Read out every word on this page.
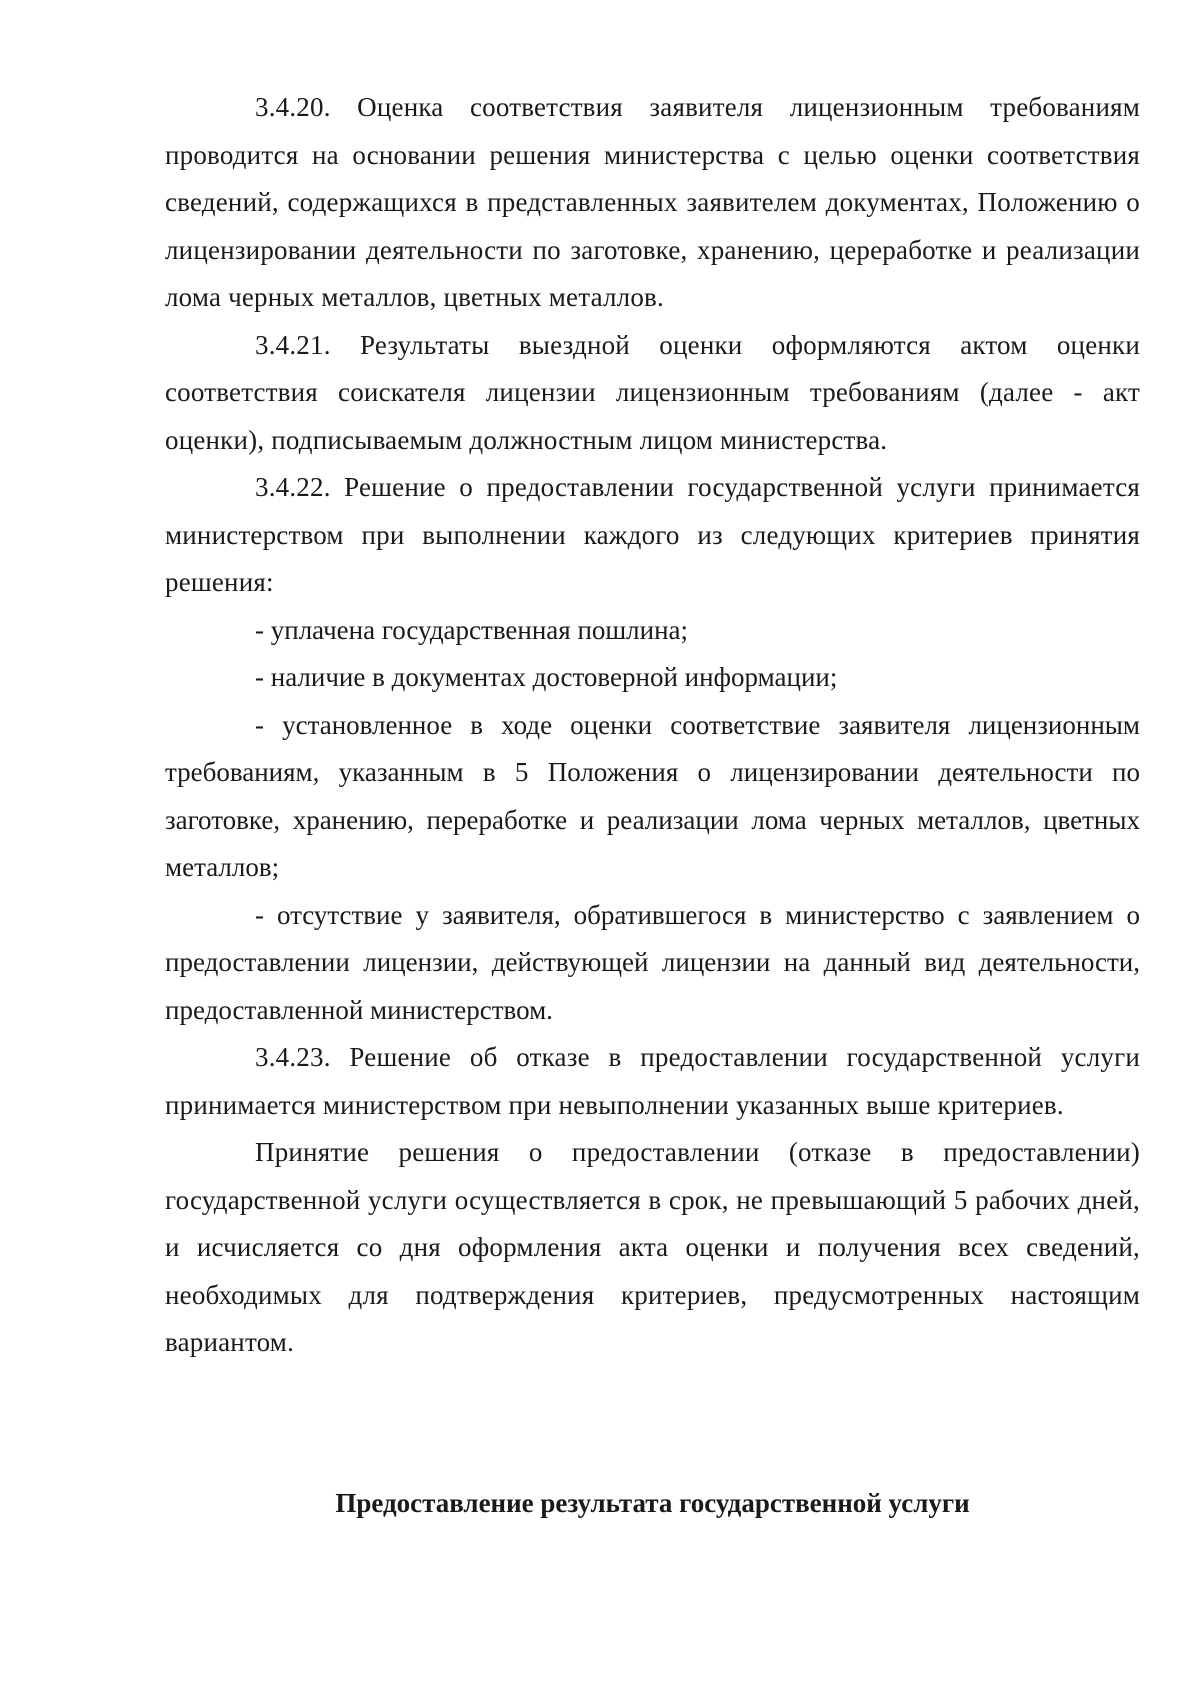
3.4.20. Оценка соответствия заявителя лицензионным требованиям проводится на основании решения министерства с целью оценки соответствия сведений, содержащихся в представленных заявителем документах, Положению о лицензировании деятельности по заготовке, хранению, цереработке и реализации лома черных металлов, цветных металлов.

3.4.21. Результаты выездной оценки оформляются актом оценки соответствия соискателя лицензии лицензионным требованиям (далее - акт оценки), подписываемым должностным лицом министерства.

3.4.22. Решение о предоставлении государственной услуги принимается министерством при выполнении каждого из следующих критериев принятия решения:

- уплачена государственная пошлина;

- наличие в документах достоверной информации;

- установленное в ходе оценки соответствие заявителя лицензионным требованиям, указанным в 5 Положения о лицензировании деятельности по заготовке, хранению, переработке и реализации лома черных металлов, цветных металлов;

- отсутствие у заявителя, обратившегося в министерство с заявлением о предоставлении лицензии, действующей лицензии на данный вид деятельности, предоставленной министерством.

3.4.23. Решение об отказе в предоставлении государственной услуги принимается министерством при невыполнении указанных выше критериев.

Принятие решения о предоставлении (отказе в предоставлении) государственной услуги осуществляется в срок, не превышающий 5 рабочих дней, и исчисляется со дня оформления акта оценки и получения всех сведений, необходимых для подтверждения критериев, предусмотренных настоящим вариантом.

Предоставление результата государственной услуги
